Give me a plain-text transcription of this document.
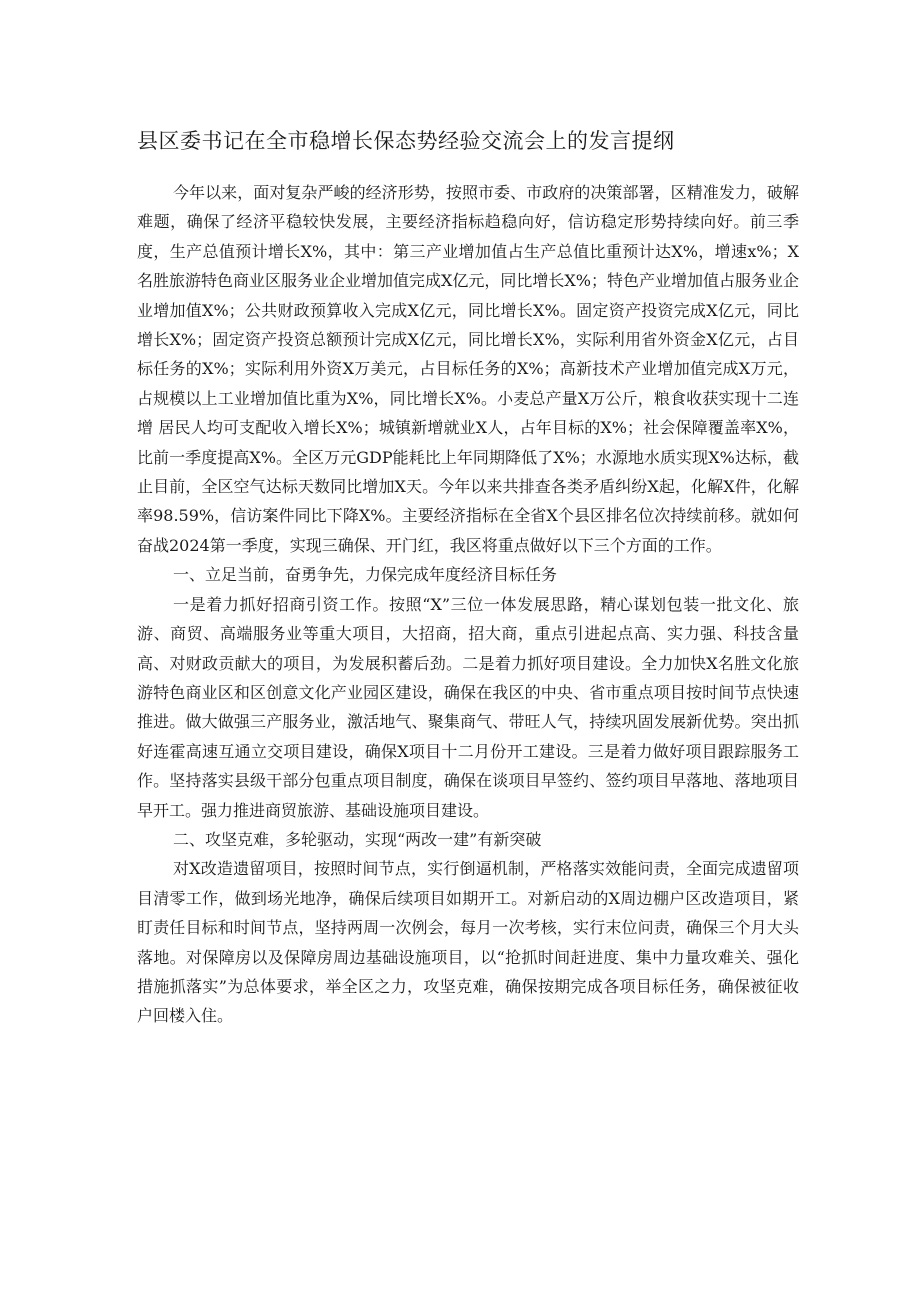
县区委书记在全市稳增长保态势经验交流会上的发言提纲

今年以来，面对复杂严峻的经济形势，按照市委、市政府的决策部署，区精准发力，破解难题，确保了经济平稳较快发展，主要经济指标趋稳向好，信访稳定形势持续向好。前三季度，生产总值预计增长X%，其中：第三产业增加值占生产总值比重预计达X%，增速x%；X名胜旅游特色商业区服务业企业增加值完成X亿元，同比增长X%；特色产业增加值占服务业企业增加值X%；公共财政预算收入完成X亿元，同比增长X%。固定资产投资完成X亿元，同比增长X%；固定资产投资总额预计完成X亿元，同比增长X%，实际利用省外资金X亿元，占目标任务的X%；实际利用外资X万美元，占目标任务的X%；高新技术产业增加值完成X万元，占规模以上工业增加值比重为X%，同比增长X%。小麦总产量X万公斤，粮食收获实现十二连增 居民人均可支配收入增长X%；城镇新增就业X人，占年目标的X%；社会保障覆盖率X%，比前一季度提高X%。全区万元GDP能耗比上年同期降低了X%；水源地水质实现X%达标，截止目前，全区空气达标天数同比增加X天。今年以来共排查各类矛盾纠纷X起，化解X件，化解率98.59%，信访案件同比下降X%。主要经济指标在全省X个县区排名位次持续前移。就如何奋战2024第一季度，实现三确保、开门红，我区将重点做好以下三个方面的工作。

一、立足当前，奋勇争先，力保完成年度经济目标任务

一是着力抓好招商引资工作。按照“X”三位一体发展思路，精心谋划包装一批文化、旅游、商贸、高端服务业等重大项目，大招商，招大商，重点引进起点高、实力强、科技含量高、对财政贡献大的项目，为发展积蓄后劲。二是着力抓好项目建设。全力加快X名胜文化旅游特色商业区和区创意文化产业园区建设，确保在我区的中央、省市重点项目按时间节点快速推进。做大做强三产服务业，激活地气、聚集商气、带旺人气，持续巩固发展新优势。突出抓好连霍高速互通立交项目建设，确保X项目十二月份开工建设。三是着力做好项目跟踪服务工作。坚持落实县级干部分包重点项目制度，确保在谈项目早签约、签约项目早落地、落地项目早开工。强力推进商贸旅游、基础设施项目建设。

二、攻坚克难，多轮驱动，实现“两改一建”有新突破

对X改造遗留项目，按照时间节点，实行倒逼机制，严格落实效能问责，全面完成遗留项目清零工作，做到场光地净，确保后续项目如期开工。对新启动的X周边棚户区改造项目，紧盯责任目标和时间节点，坚持两周一次例会，每月一次考核，实行末位问责，确保三个月大头落地。对保障房以及保障房周边基础设施项目，以“抢抓时间赶进度、集中力量攻难关、强化措施抓落实”为总体要求，举全区之力，攻坚克难，确保按期完成各项目标任务，确保被征收户回楼入住。
